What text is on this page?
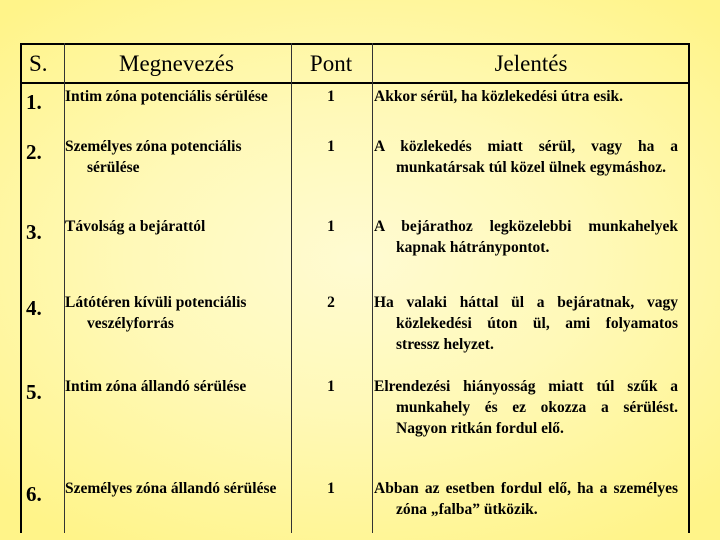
S.	Megnevezés	Pont	Jelentés
1.	Intim zóna potenciális sérülése	1	Akkor sérül, ha közlekedési útra esik.
2.	Személyes zóna potenciális sérülése	1	A közlekedés miatt sérül, vagy ha a munkatársak túl közel ülnek egymáshoz.
3.	Távolság a bejárattól	1	A bejárathoz legközelebbi munkahelyek kapnak hátránypontot.
4.	Látótéren kívüli potenciális veszélyforrás	2	Ha valaki háttal ül a bejáratnak, vagy közlekedési úton ül, ami folyamatos stressz helyzet.
5.	Intim zóna állandó sérülése	1	Elrendezési hiányosság miatt túl szűk a munkahely és ez okozza a sérülést. Nagyon ritkán fordul elő.
6.	Személyes zóna állandó sérülése	1	Abban az esetben fordul elő, ha a személyes zóna „falba” ütközik.
